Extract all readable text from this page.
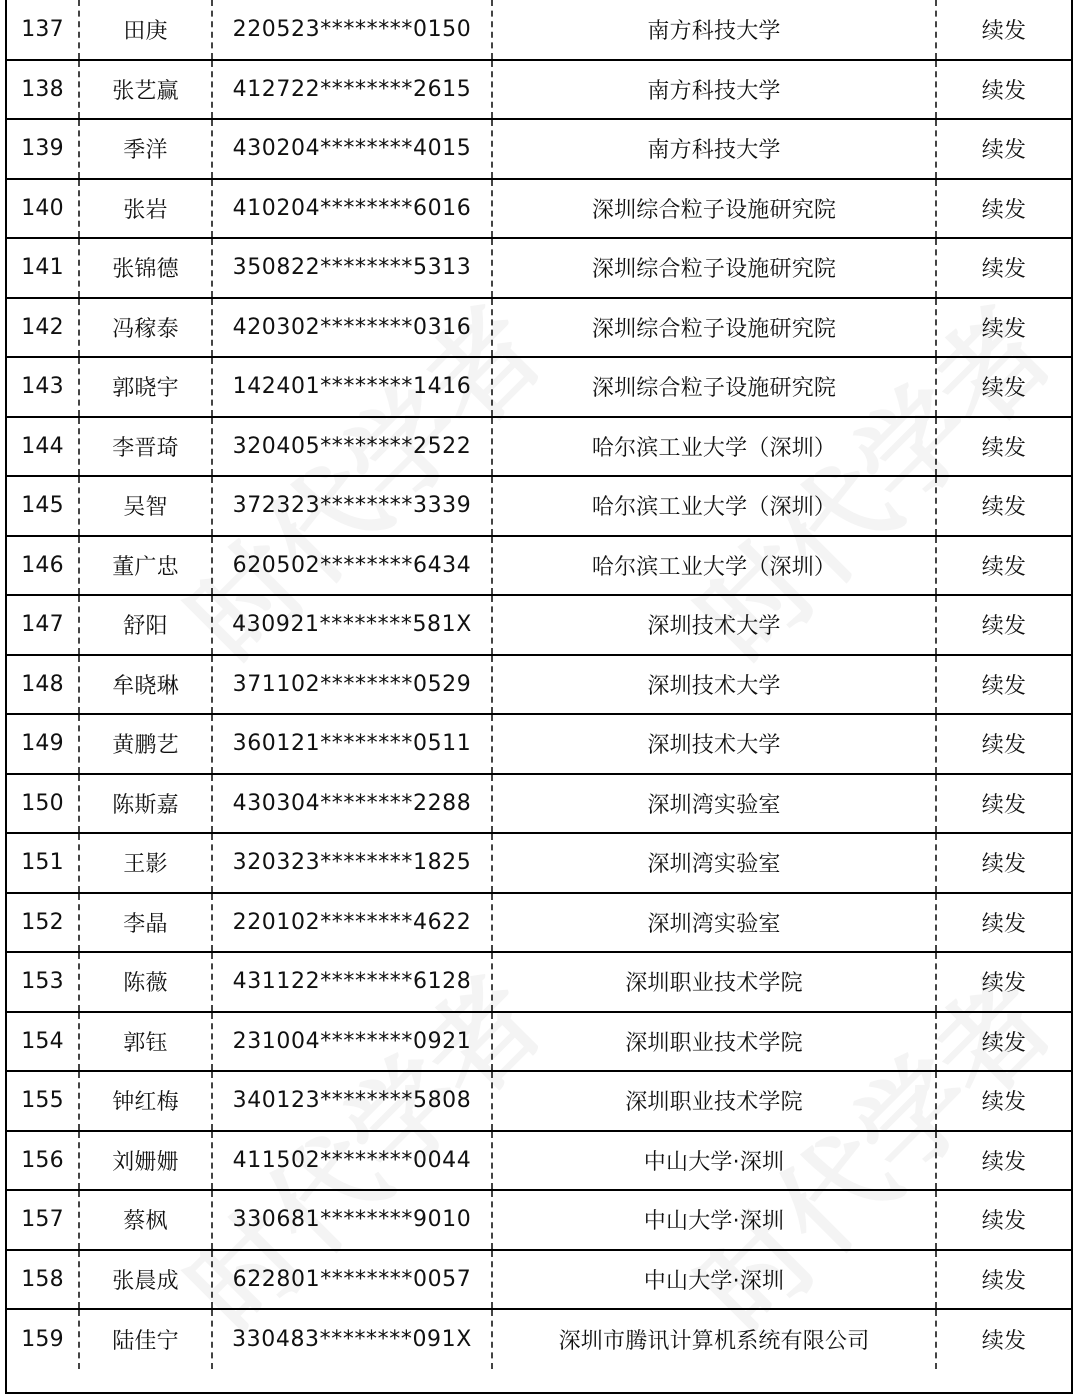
137	田庚	220523********0150	南方科技大学	续发
138	张艺赢	412722********2615	南方科技大学	续发
139	季洋	430204********4015	南方科技大学	续发
140	张岩	410204********6016	深圳综合粒子设施研究院	续发
141	张锦德	350822********5313	深圳综合粒子设施研究院	续发
142	冯稼泰	420302********0316	深圳综合粒子设施研究院	续发
143	郭晓宇	142401********1416	深圳综合粒子设施研究院	续发
144	李晋琦	320405********2522	哈尔滨工业大学（深圳）	续发
145	吴智	372323********3339	哈尔滨工业大学（深圳）	续发
146	董广忠	620502********6434	哈尔滨工业大学（深圳）	续发
147	舒阳	430921********581X	深圳技术大学	续发
148	牟晓琳	371102********0529	深圳技术大学	续发
149	黄鹏艺	360121********0511	深圳技术大学	续发
150	陈斯嘉	430304********2288	深圳湾实验室	续发
151	王影	320323********1825	深圳湾实验室	续发
152	李晶	220102********4622	深圳湾实验室	续发
153	陈薇	431122********6128	深圳职业技术学院	续发
154	郭钰	231004********0921	深圳职业技术学院	续发
155	钟红梅	340123********5808	深圳职业技术学院	续发
156	刘姗姗	411502********0044	中山大学·深圳	续发
157	蔡枫	330681********9010	中山大学·深圳	续发
158	张晨成	622801********0057	中山大学·深圳	续发
159	陆佳宁	330483********091X	深圳市腾讯计算机系统有限公司	续发
